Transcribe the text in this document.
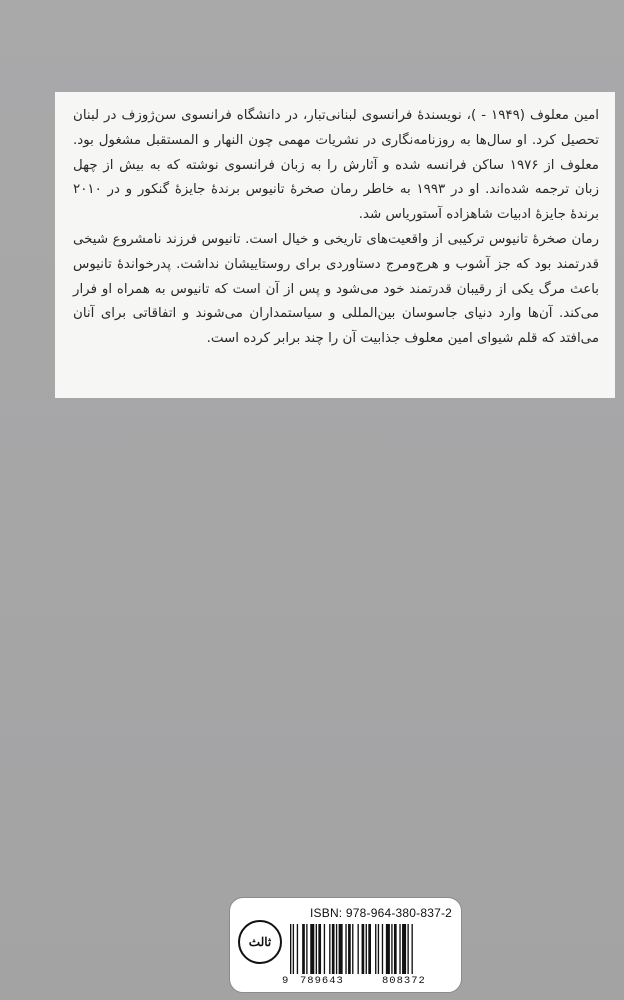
امین معلوف (۱۹۴۹ - )، نویسندهٔ فرانسوی لبنانی‌تبار، در دانشگاه فرانسوی سن‌ژوزف در لبنان تحصیل کرد. او سال‌ها به روزنامه‌نگاری در نشریات مهمی چون النهار و المستقبل مشغول بود. معلوف از ۱۹۷۶ ساکن فرانسه شده و آثارش را به زبان فرانسوی نوشته که به بیش از چهل زبان ترجمه شده‌اند. او در ۱۹۹۳ به خاطر رمان صخرهٔ تانیوس برندهٔ جایزهٔ گنکور و در ۲۰۱۰ برندهٔ جایزهٔ ادبیات شاهزاده آستوریاس شد.

رمان صخرهٔ تانیوس ترکیبی از واقعیت‌های تاریخی و خیال است. تانیوس فرزند نامشروع شیخی قدرتمند بود که جز آشوب و هرج‌ومرج دستاوردی برای روستاییشان نداشت. پدرخواندهٔ تانیوس باعث مرگ یکی از رقیبان قدرتمند خود می‌شود و پس از آن است که تانیوس به همراه او فرار می‌کند. آن‌ها وارد دنیای جاسوسان بین‌المللی و سیاستمداران می‌شوند و اتفاقاتی برای آنان می‌افتد که قلم شیوای امین معلوف جذابیت آن را چند برابر کرده است.

ثالث
ISBN: 978-964-380-837-2
9 789643	808372
